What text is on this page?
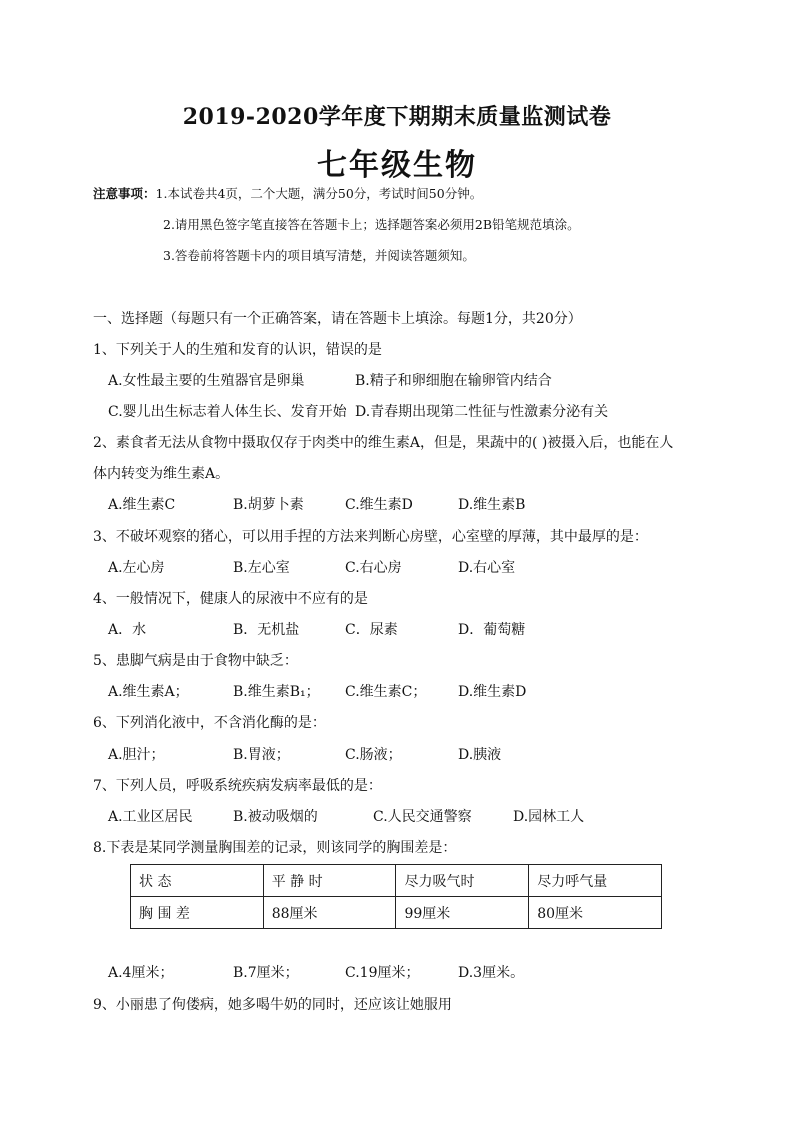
2019-2020学年度下期期末质量监测试卷
七年级生物
注意事项：1.本试卷共4页，二个大题，满分50分，考试时间50分钟。
2.请用黑色签字笔直接答在答题卡上；选择题答案必须用2B铅笔规范填涂。
3.答卷前将答题卡内的项目填写清楚，并阅读答题须知。
一、选择题（每题只有一个正确答案，请在答题卡上填涂。每题1分，共20分）
1、下列关于人的生殖和发育的认识，错误的是
A.女性最主要的生殖器官是卵巢	B.精子和卵细胞在输卵管内结合
C.婴儿出生标志着人体生长、发育开始 D.青春期出现第二性征与性激素分泌有关
2、素食者无法从食物中摄取仅存于肉类中的维生素A，但是，果蔬中的( )被摄入后，也能在人
体内转变为维生素A。
A.维生素C	B.胡萝卜素	C.维生素D	D.维生素B
3、不破坏观察的猪心，可以用手捏的方法来判断心房壁，心室壁的厚薄，其中最厚的是：
A.左心房	B.左心室	C.右心房	D.右心室
4、一般情况下，健康人的尿液中不应有的是
A．水	B．无机盐	C．尿素	D．葡萄糖
5、患脚气病是由于食物中缺乏：
A.维生素A；	B.维生素B₁； C.维生素C； D.维生素D
6、下列消化液中，不含消化酶的是：
A.胆汁；	B.胃液；	C.肠液；	D.胰液
7、下列人员，呼吸系统疾病发病率最低的是：
A.工业区居民	B.被动吸烟的	C.人民交通警察	D.园林工人
8.下表是某同学测量胸围差的记录，则该同学的胸围差是：
状 态	平 静 时	尽力吸气时	尽力呼气量
胸 围 差	88厘米	99厘米	80厘米
A.4厘米；	B.7厘米；	C.19厘米；	D.3厘米。
9、小丽患了佝偻病，她多喝牛奶的同时，还应该让她服用
